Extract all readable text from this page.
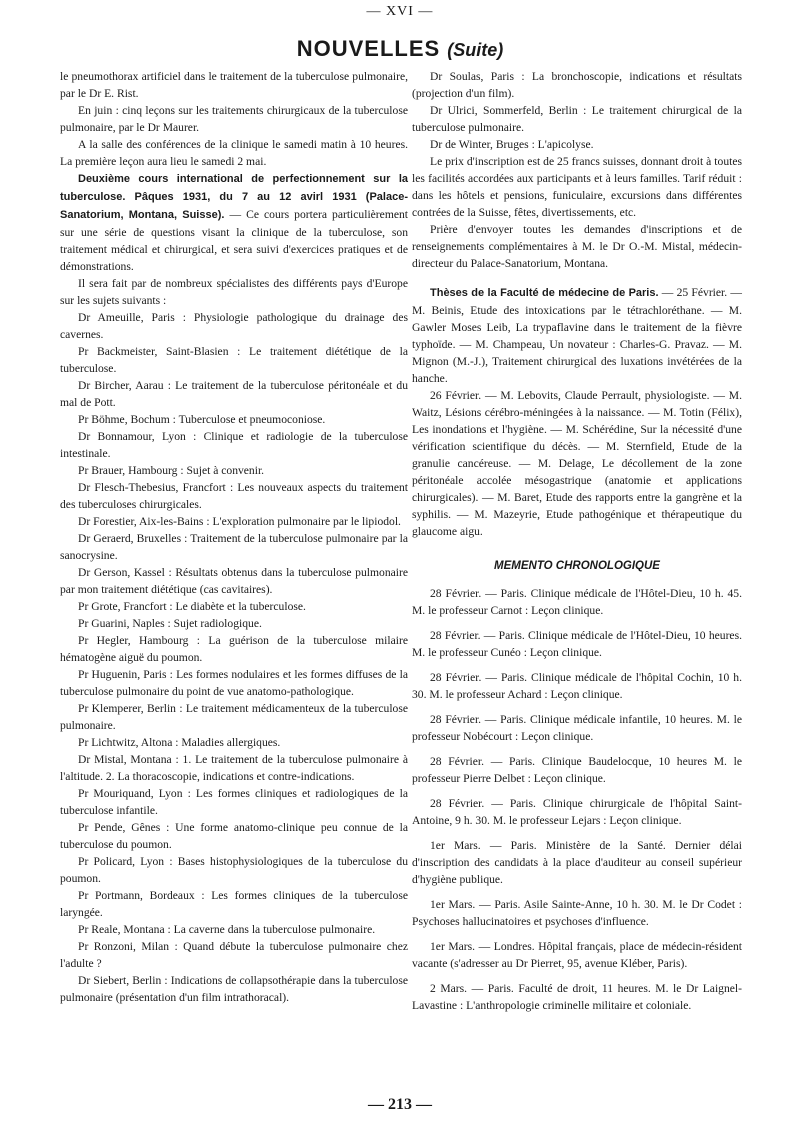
— XVI —
NOUVELLES (Suite)

le pneumothorax artificiel dans le traitement de la tuberculose pulmonaire, par le Dr E. Rist.

En juin : cinq leçons sur les traitements chirurgicaux de la tuberculose pulmonaire, par le Dr Maurer.

A la salle des conférences de la clinique le samedi matin à 10 heures. La première leçon aura lieu le samedi 2 mai.

Deuxième cours international de perfectionnement sur la tuberculose. Pâques 1931, du 7 au 12 avirl 1931 (Palace-Sanatorium, Montana, Suisse). — Ce cours portera particulièrement sur une série de questions visant la clinique de la tuberculose, son traitement médical et chirurgical, et sera suivi d'exercices pratiques et de démonstrations.

Il sera fait par de nombreux spécialistes des différents pays d'Europe sur les sujets suivants :

Dr Ameuille, Paris : Physiologie pathologique du drainage des cavernes.

Pr Backmeister, Saint-Blasien : Le traitement diététique de la tuberculose.

Dr Bircher, Aarau : Le traitement de la tuberculose péritonéale et du mal de Pott.

Pr Böhme, Bochum : Tuberculose et pneumoconiose.

Dr Bonnamour, Lyon : Clinique et radiologie de la tuberculose intestinale.

Pr Brauer, Hambourg : Sujet à convenir.

Dr Flesch-Thebesius, Francfort : Les nouveaux aspects du traitement des tuberculoses chirurgicales.

Dr Forestier, Aix-les-Bains : L'exploration pulmonaire par le lipiodol.

Dr Geraerd, Bruxelles : Traitement de la tuberculose pulmonaire par la sanocrysine.

Dr Gerson, Kassel : Résultats obtenus dans la tuberculose pulmonaire par mon traitement diététique (cas cavitaires).

Pr Grote, Francfort : Le diabète et la tuberculose.

Pr Guarini, Naples : Sujet radiologique.

Pr Hegler, Hambourg : La guérison de la tuberculose milaire hématogène aiguë du poumon.

Pr Huguenin, Paris : Les formes nodulaires et les formes diffuses de la tuberculose pulmonaire du point de vue anatomo-pathologique.

Pr Klemperer, Berlin : Le traitement médicamenteux de la tuberculose pulmonaire.

Pr Lichtwitz, Altona : Maladies allergiques.

Dr Mistal, Montana : 1. Le traitement de la tuberculose pulmonaire à l'altitude. 2. La thoracoscopie, indications et contre-indications.

Pr Mouriquand, Lyon : Les formes cliniques et radiologiques de la tuberculose infantile.

Pr Pende, Gênes : Une forme anatomo-clinique peu connue de la tuberculose du poumon.

Pr Policard, Lyon : Bases histophysiologiques de la tuberculose du poumon.

Pr Portmann, Bordeaux : Les formes cliniques de la tuberculose laryngée.

Pr Reale, Montana : La caverne dans la tuberculose pulmonaire.

Pr Ronzoni, Milan : Quand débute la tuberculose pulmonaire chez l'adulte ?

Dr Siebert, Berlin : Indications de collapsothérapie dans la tuberculose pulmonaire (présentation d'un film intrathoracal).

Dr Soulas, Paris : La bronchoscopie, indications et résultats (projection d'un film).

Dr Ulrici, Sommerfeld, Berlin : Le traitement chirurgical de la tuberculose pulmonaire.

Dr de Winter, Bruges : L'apicolyse.

Le prix d'inscription est de 25 francs suisses, donnant droit à toutes les facilités accordées aux participants et à leurs familles. Tarif réduit : dans les hôtels et pensions, funiculaire, excursions dans différentes contrées de la Suisse, fêtes, divertissements, etc.

Prière d'envoyer toutes les demandes d'inscriptions et de renseignements complémentaires à M. le Dr O.-M. Mistal, médecin-directeur du Palace-Sanatorium, Montana.

Thèses de la Faculté de médecine de Paris. — 25 Février. — M. Beinis, Etude des intoxications par le tétrachloréthane. — M. Gawler Moses Leib, La trypaflavine dans le traitement de la fièvre typhoïde. — M. Champeau, Un novateur : Charles-G. Pravaz. — M. Mignon (M.-J.), Traitement chirurgical des luxations invétérées de la hanche.

26 Février. — M. Lebovits, Claude Perrault, physiologiste. — M. Waitz, Lésions cérébro-méningées à la naissance. — M. Totin (Félix), Les inondations et l'hygiène. — M. Schérédine, Sur la nécessité d'une vérification scientifique du décès. — M. Sternfield, Etude de la granulie cancéreuse. — M. Delage, Le décollement de la zone péritonéale accolée mésogastrique (anatomie et applications chirurgicales). — M. Baret, Etude des rapports entre la gangrène et la syphilis. — M. Mazeyrie, Etude pathogénique et thérapeutique du glaucome aigu.

MEMENTO CHRONOLOGIQUE

28 Février. — Paris. Clinique médicale de l'Hôtel-Dieu, 10 h. 45. M. le professeur Carnot : Leçon clinique.

28 Février. — Paris. Clinique médicale de l'Hôtel-Dieu, 10 heures. M. le professeur Cunéo : Leçon clinique.

28 Février. — Paris. Clinique médicale de l'hôpital Cochin, 10 h. 30. M. le professeur Achard : Leçon clinique.

28 Février. — Paris. Clinique médicale infantile, 10 heures. M. le professeur Nobécourt : Leçon clinique.

28 Février. — Paris. Clinique Baudelocque, 10 heures M. le professeur Pierre Delbet : Leçon clinique.

28 Février. — Paris. Clinique chirurgicale de l'hôpital Saint-Antoine, 9 h. 30. M. le professeur Lejars : Leçon clinique.

1er Mars. — Paris. Ministère de la Santé. Dernier délai d'inscription des candidats à la place d'auditeur au conseil supérieur d'hygiène publique.

1er Mars. — Paris. Asile Sainte-Anne, 10 h. 30. M. le Dr Codet : Psychoses hallucinatoires et psychoses d'influence.

1er Mars. — Londres. Hôpital français, place de médecin-résident vacante (s'adresser au Dr Pierret, 95, avenue Kléber, Paris).

2 Mars. — Paris. Faculté de droit, 11 heures. M. le Dr Laignel-Lavastine : L'anthropologie criminelle militaire et coloniale.

— 213 —
